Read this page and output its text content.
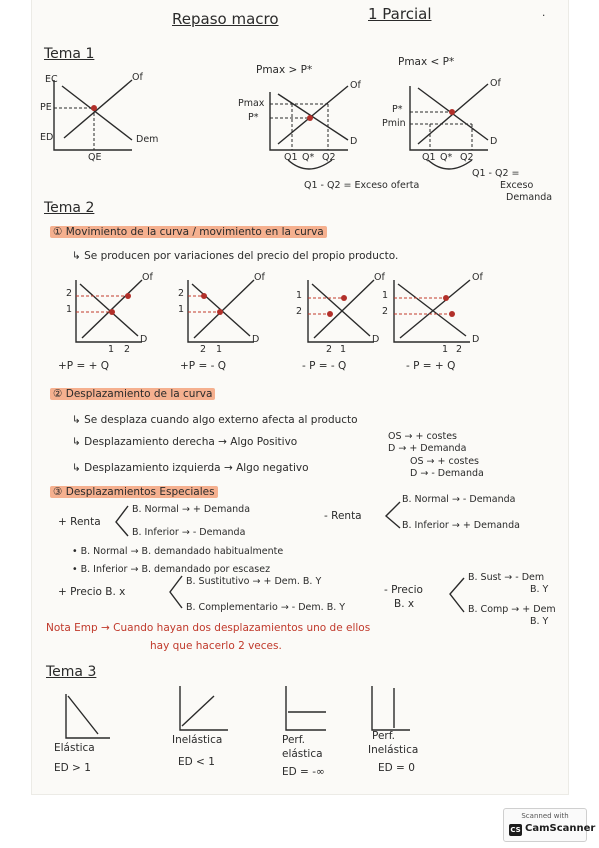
Repaso macro	1 Parcial	·
Tema 1
EC
PE
ED
Of
Dem
QE
Pmax > P*
Pmax
P*
Of
D
Q1 Q* Q2
Q1 - Q2 = Exceso oferta
Pmax < P*
P*
Pmin
Of
D
Q1 Q* Q2
Q1 - Q2 =
Exceso
Demanda
Tema 2
① Movimiento de la curva / movimiento en la curva
↳ Se producen por variaciones del precio del propio producto.
2
1
1 2
Of
D
+P = + Q
2
1
2 1
Of
D
+P = - Q
1
2
2 1
Of
D
- P = - Q
1
2
1 2
Of
D
- P = + Q
② Desplazamiento de la curva
↳ Se desplaza cuando algo externo afecta al producto
↳ Desplazamiento derecha → Algo Positivo	OS → + costes
D → + Demanda
↳ Desplazamiento izquierda → Algo negativo
OS → + costes
D → - Demanda
③ Desplazamientos Especiales
+ Renta
B. Normal → + Demanda
B. Inferior → - Demanda
- Renta
B. Normal → - Demanda
B. Inferior → + Demanda
• B. Normal → B. demandado habitualmente
• B. Inferior → B. demandado por escasez
+ Precio B. x
B. Sustitutivo → + Dem. B. Y
B. Complementario → - Dem. B. Y
- Precio
B. x
B. Sust → - Dem
B. Y
B. Comp → + Dem
B. Y
Nota Emp → Cuando hayan dos desplazamientos uno de ellos
hay que hacerlo 2 veces.
Tema 3
Elástica
ED > 1
Inelástica
ED < 1
Perf.
elástica
ED = -∞
Perf.
Inelástica
ED = 0
Scanned with
CS CamScanner
